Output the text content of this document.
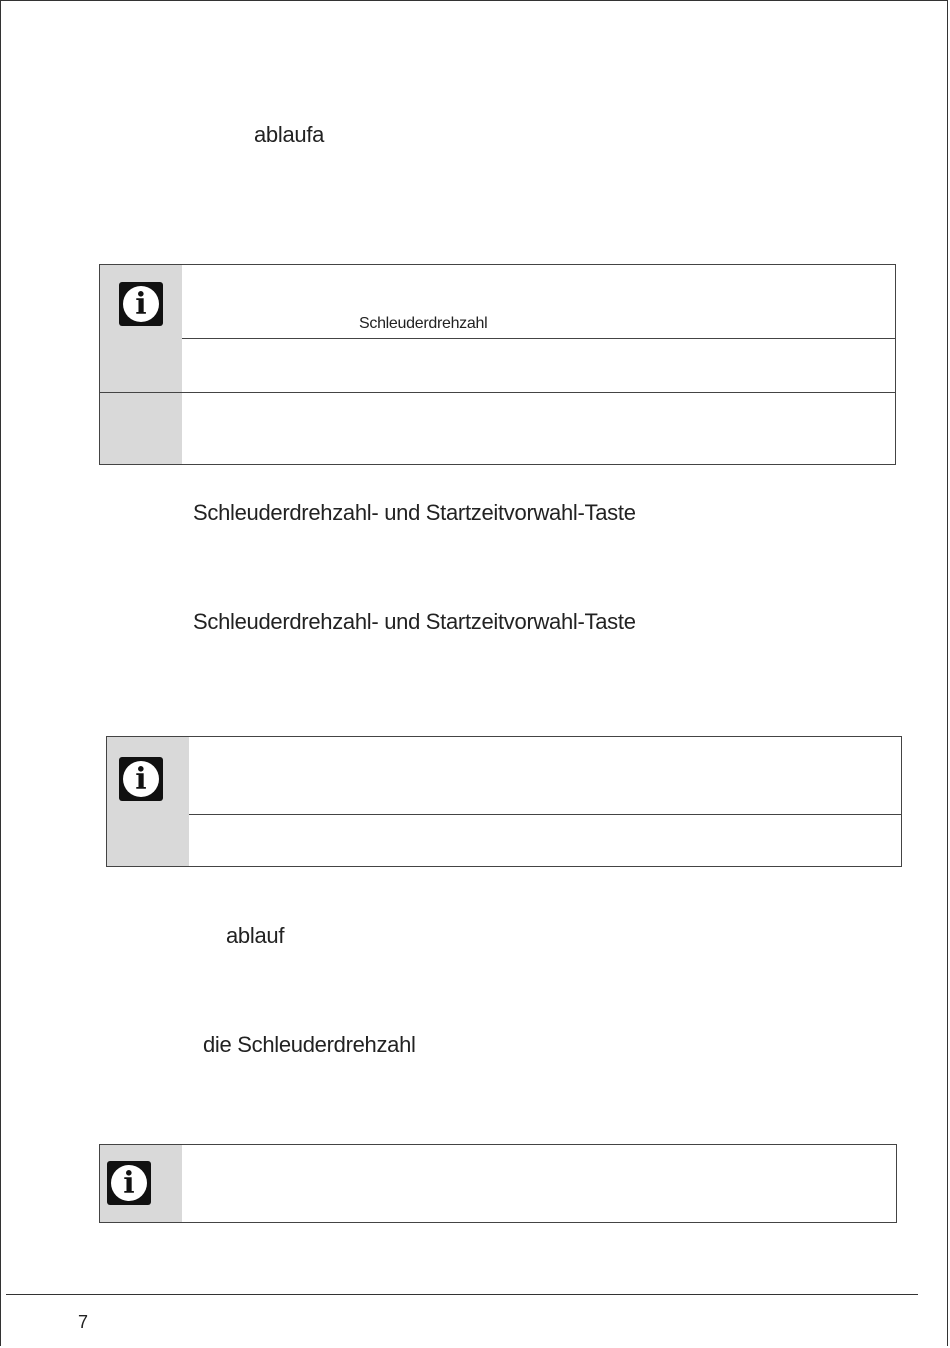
ablaufa
i
Schleuderdrehzahl
Schleuderdrehzahl- und Startzeitvorwahl-Taste
Schleuderdrehzahl- und Startzeitvorwahl-Taste
i
ablauf
die Schleuderdrehzahl
i
7
